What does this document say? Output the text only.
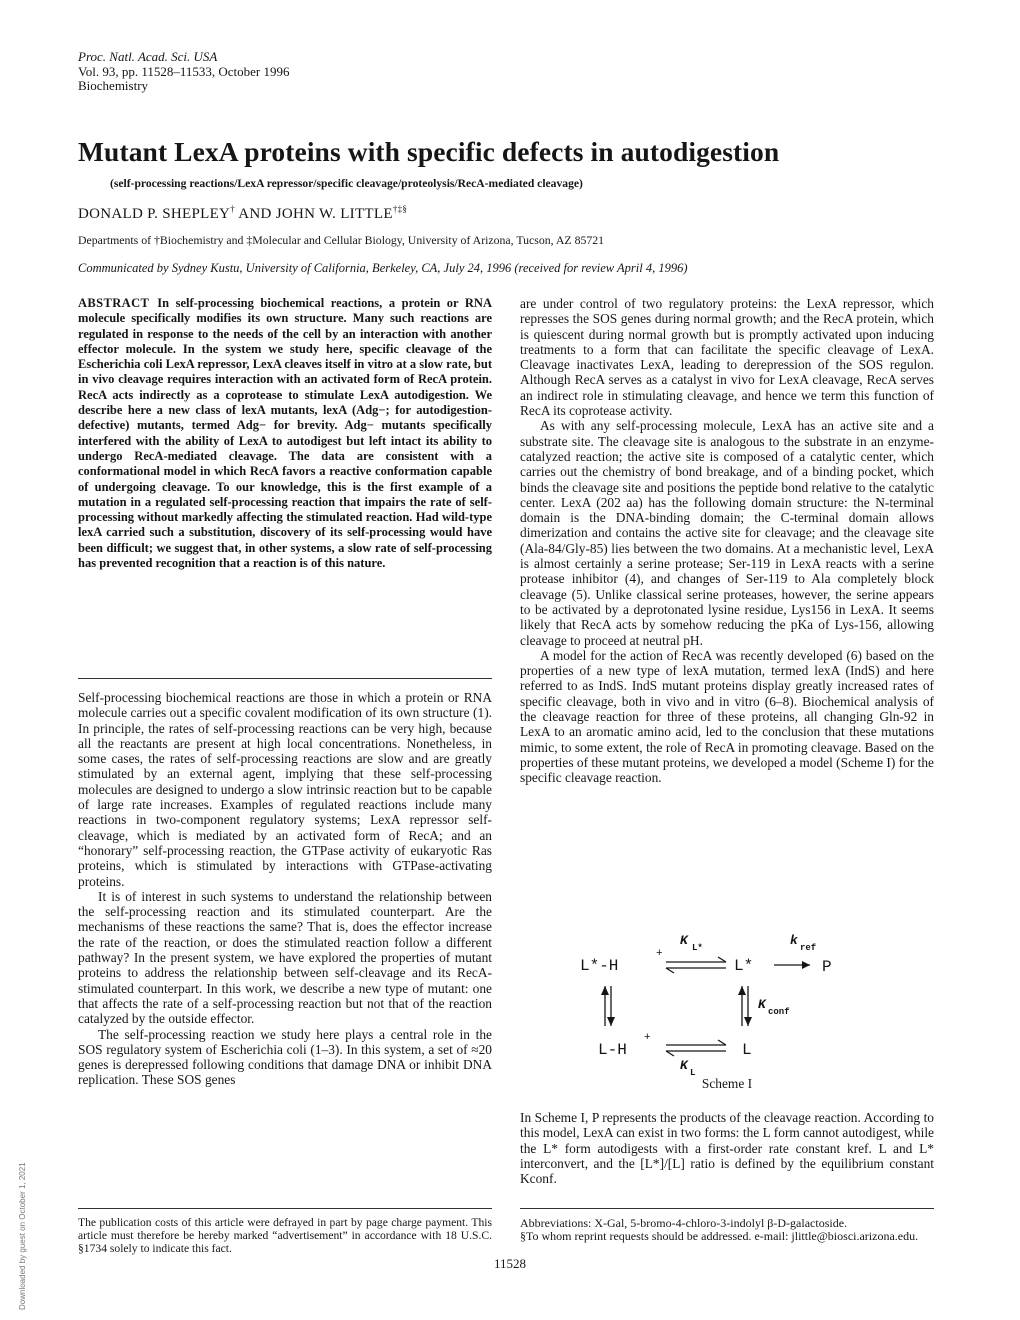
Proc. Natl. Acad. Sci. USA
Vol. 93, pp. 11528–11533, October 1996
Biochemistry
Mutant LexA proteins with specific defects in autodigestion
(self-processing reactions/LexA repressor/specific cleavage/proteolysis/RecA-mediated cleavage)
DONALD P. SHEPLEY† AND JOHN W. LITTLE†‡§
Departments of †Biochemistry and ‡Molecular and Cellular Biology, University of Arizona, Tucson, AZ 85721
Communicated by Sydney Kustu, University of California, Berkeley, CA, July 24, 1996 (received for review April 4, 1996)

ABSTRACT In self-processing biochemical reactions, a protein or RNA molecule specifically modifies its own structure. Many such reactions are regulated in response to the needs of the cell by an interaction with another effector molecule. In the system we study here, specific cleavage of the Escherichia coli LexA repressor, LexA cleaves itself in vitro at a slow rate, but in vivo cleavage requires interaction with an activated form of RecA protein. RecA acts indirectly as a coprotease to stimulate LexA autodigestion. We describe here a new class of lexA mutants, lexA (Adg−; for autodigestion-defective) mutants, termed Adg− for brevity. Adg− mutants specifically interfered with the ability of LexA to autodigest but left intact its ability to undergo RecA-mediated cleavage. The data are consistent with a conformational model in which RecA favors a reactive conformation capable of undergoing cleavage. To our knowledge, this is the first example of a mutation in a regulated self-processing reaction that impairs the rate of self-processing without markedly affecting the stimulated reaction. Had wild-type lexA carried such a substitution, discovery of its self-processing would have been difficult; we suggest that, in other systems, a slow rate of self-processing has prevented recognition that a reaction is of this nature.

Self-processing biochemical reactions are those in which a protein or RNA molecule carries out a specific covalent modification of its own structure (1). In principle, the rates of self-processing reactions can be very high, because all the reactants are present at high local concentrations. Nonetheless, in some cases, the rates of self-processing reactions are slow and are greatly stimulated by an external agent, implying that these self-processing molecules are designed to undergo a slow intrinsic reaction but to be capable of large rate increases. Examples of regulated reactions include many reactions in two-component regulatory systems; LexA repressor self-cleavage, which is mediated by an activated form of RecA; and an “honorary” self-processing reaction, the GTPase activity of eukaryotic Ras proteins, which is stimulated by interactions with GTPase-activating proteins.

It is of interest in such systems to understand the relationship between the self-processing reaction and its stimulated counterpart. Are the mechanisms of these reactions the same? That is, does the effector increase the rate of the reaction, or does the stimulated reaction follow a different pathway? In the present system, we have explored the properties of mutant proteins to address the relationship between self-cleavage and its RecA-stimulated counterpart. In this work, we describe a new type of mutant: one that affects the rate of a self-processing reaction but not that of the reaction catalyzed by the outside effector.

The self-processing reaction we study here plays a central role in the SOS regulatory system of Escherichia coli (1–3). In this system, a set of ≈20 genes is derepressed following conditions that damage DNA or inhibit DNA replication. These SOS genes

are under control of two regulatory proteins: the LexA repressor, which represses the SOS genes during normal growth; and the RecA protein, which is quiescent during normal growth but is promptly activated upon inducing treatments to a form that can facilitate the specific cleavage of LexA. Cleavage inactivates LexA, leading to derepression of the SOS regulon. Although RecA serves as a catalyst in vivo for LexA cleavage, RecA serves an indirect role in stimulating cleavage, and hence we term this function of RecA its coprotease activity.

As with any self-processing molecule, LexA has an active site and a substrate site. The cleavage site is analogous to the substrate in an enzyme-catalyzed reaction; the active site is composed of a catalytic center, which carries out the chemistry of bond breakage, and of a binding pocket, which binds the cleavage site and positions the peptide bond relative to the catalytic center. LexA (202 aa) has the following domain structure: the N-terminal domain is the DNA-binding domain; the C-terminal domain allows dimerization and contains the active site for cleavage; and the cleavage site (Ala-84/Gly-85) lies between the two domains. At a mechanistic level, LexA is almost certainly a serine protease; Ser-119 in LexA reacts with a serine protease inhibitor (4), and changes of Ser-119 to Ala completely block cleavage (5). Unlike classical serine proteases, however, the serine appears to be activated by a deprotonated lysine residue, Lys156 in LexA. It seems likely that RecA acts by somehow reducing the pKa of Lys-156, allowing cleavage to proceed at neutral pH.

A model for the action of RecA was recently developed (6) based on the properties of a new type of lexA mutation, termed lexA (IndS) and here referred to as IndS. IndS mutant proteins display greatly increased rates of specific cleavage, both in vivo and in vitro (6–8). Biochemical analysis of the cleavage reaction for three of these proteins, all changing Gln-92 in LexA to an aromatic amino acid, led to the conclusion that these mutations mimic, to some extent, the role of RecA in promoting cleavage. Based on the properties of these mutant proteins, we developed a model (Scheme I) for the specific cleavage reaction.

L*-H
+
K L*
L*
k ref
P
K conf
L-H
+
K L
L
Scheme I

In Scheme I, P represents the products of the cleavage reaction. According to this model, LexA can exist in two forms: the L form cannot autodigest, while the L* form autodigests with a first-order rate constant kref. L and L* interconvert, and the [L*]/[L] ratio is defined by the equilibrium constant Kconf.

The publication costs of this article were defrayed in part by page charge payment. This article must therefore be hereby marked “advertisement” in accordance with 18 U.S.C. §1734 solely to indicate this fact.

Abbreviations: X-Gal, 5-bromo-4-chloro-3-indolyl β-D-galactoside.

§To whom reprint requests should be addressed. e-mail: jlittle@biosci.arizona.edu.

11528
Downloaded by guest on October 1, 2021
